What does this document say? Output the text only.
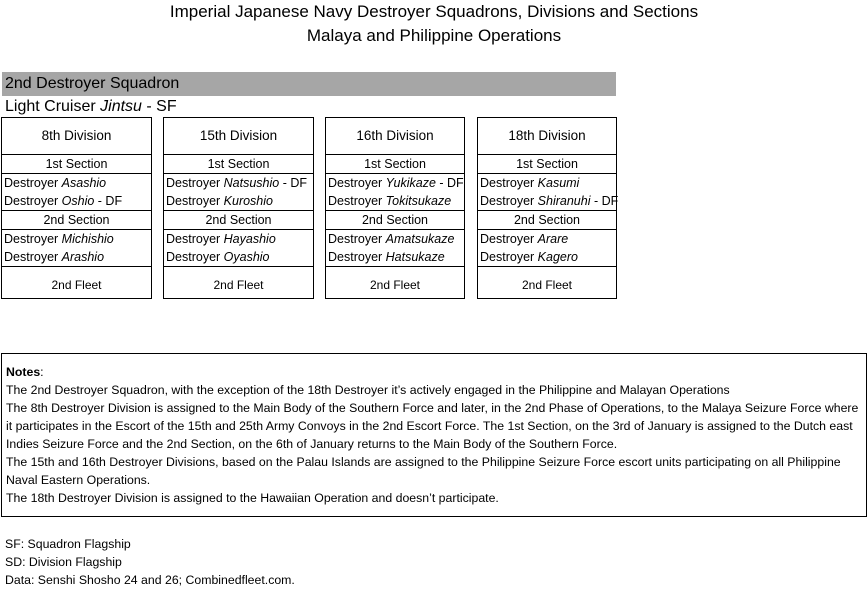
Imperial Japanese Navy Destroyer Squadrons, Divisions and Sections
Malaya and Philippine Operations
2nd Destroyer Squadron
Light Cruiser Jintsu - SF
8th Division
1st Section
Destroyer Asashio
Destroyer Oshio - DF
2nd Section
Destroyer Michishio
Destroyer Arashio
2nd Fleet
15th Division
1st Section
Destroyer Natsushio - DF
Destroyer Kuroshio
2nd Section
Destroyer Hayashio
Destroyer Oyashio
2nd Fleet
16th Division
1st Section
Destroyer Yukikaze - DF
Destroyer Tokitsukaze
2nd Section
Destroyer Amatsukaze
Destroyer Hatsukaze
2nd Fleet
18th Division
1st Section
Destroyer Kasumi
Destroyer Shiranuhi - DF
2nd Section
Destroyer Arare
Destroyer Kagero
2nd Fleet

Notes:

The 2nd Destroyer Squadron, with the exception of the 18th Destroyer it’s actively engaged in the Philippine and Malayan Operations

The 8th Destroyer Division is assigned to the Main Body of the Southern Force and later, in the 2nd Phase of Operations, to the Malaya Seizure Force where it participates in the Escort of the 15th and 25th Army Convoys in the 2nd Escort Force. The 1st Section, on the 3rd of January is assigned to the Dutch east Indies Seizure Force and the 2nd Section, on the 6th of January returns to the Main Body of the Southern Force.

The 15th and 16th Destroyer Divisions, based on the Palau Islands are assigned to the Philippine Seizure Force escort units participating on all Philippine Naval Eastern Operations.

The 18th Destroyer Division is assigned to the Hawaiian Operation and doesn’t participate.

SF: Squadron Flagship

SD: Division Flagship

Data: Senshi Shosho 24 and 26; Combinedfleet.com.
